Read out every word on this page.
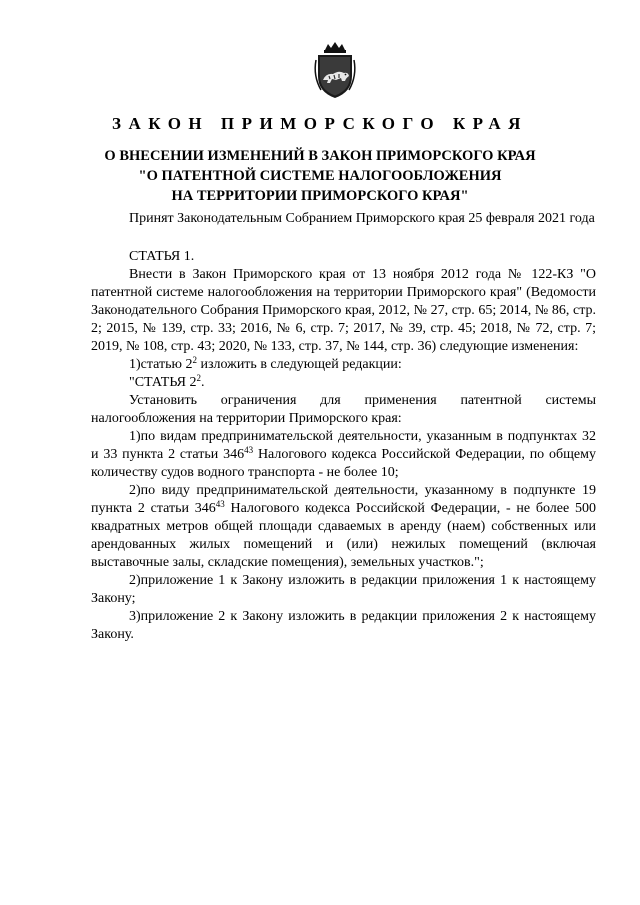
ЗАКОН ПРИМОРСКОГО КРАЯ
О ВНЕСЕНИИ ИЗМЕНЕНИЙ В ЗАКОН ПРИМОРСКОГО КРАЯ
"О ПАТЕНТНОЙ СИСТЕМЕ НАЛОГООБЛОЖЕНИЯ
НА ТЕРРИТОРИИ ПРИМОРСКОГО КРАЯ"
Принят Законодательным Собранием Приморского края 25 февраля 2021 года
СТАТЬЯ 1.
Внести в Закон Приморского края от 13 ноября 2012 года № 122-КЗ "О патентной системе налогообложения на территории Приморского края" (Ведомости Законодательного Собрания Приморского края, 2012, № 27, стр. 65; 2014, № 86, стр. 2; 2015, № 139, стр. 33; 2016, № 6, стр. 7; 2017, № 39, стр. 45; 2018, № 72, стр. 7; 2019, № 108, стр. 43; 2020, № 133, стр. 37, № 144, стр. 36) следующие изменения:
1)статью $2^2$ изложить в следующей редакции:
"СТАТЬЯ $2^2$.
Установить ограничения для применения патентной системы налогообложения на территории Приморского края:
1)по видам предпринимательской деятельности, указанным в подпунктах 32 и 33 пункта 2 статьи $346^{43}$ Налогового кодекса Российской Федерации, по общему количеству судов водного транспорта - не более 10;
2)по виду предпринимательской деятельности, указанному в подпункте 19 пункта 2 статьи $346^{43}$ Налогового кодекса Российской Федерации, - не более 500 квадратных метров общей площади сдаваемых в аренду (наем) собственных или арендованных жилых помещений и (или) нежилых помещений (включая выставочные залы, складские помещения), земельных участков.";
2)приложение 1 к Закону изложить в редакции приложения 1 к настоящему Закону;
3)приложение 2 к Закону изложить в редакции приложения 2 к настоящему Закону.
